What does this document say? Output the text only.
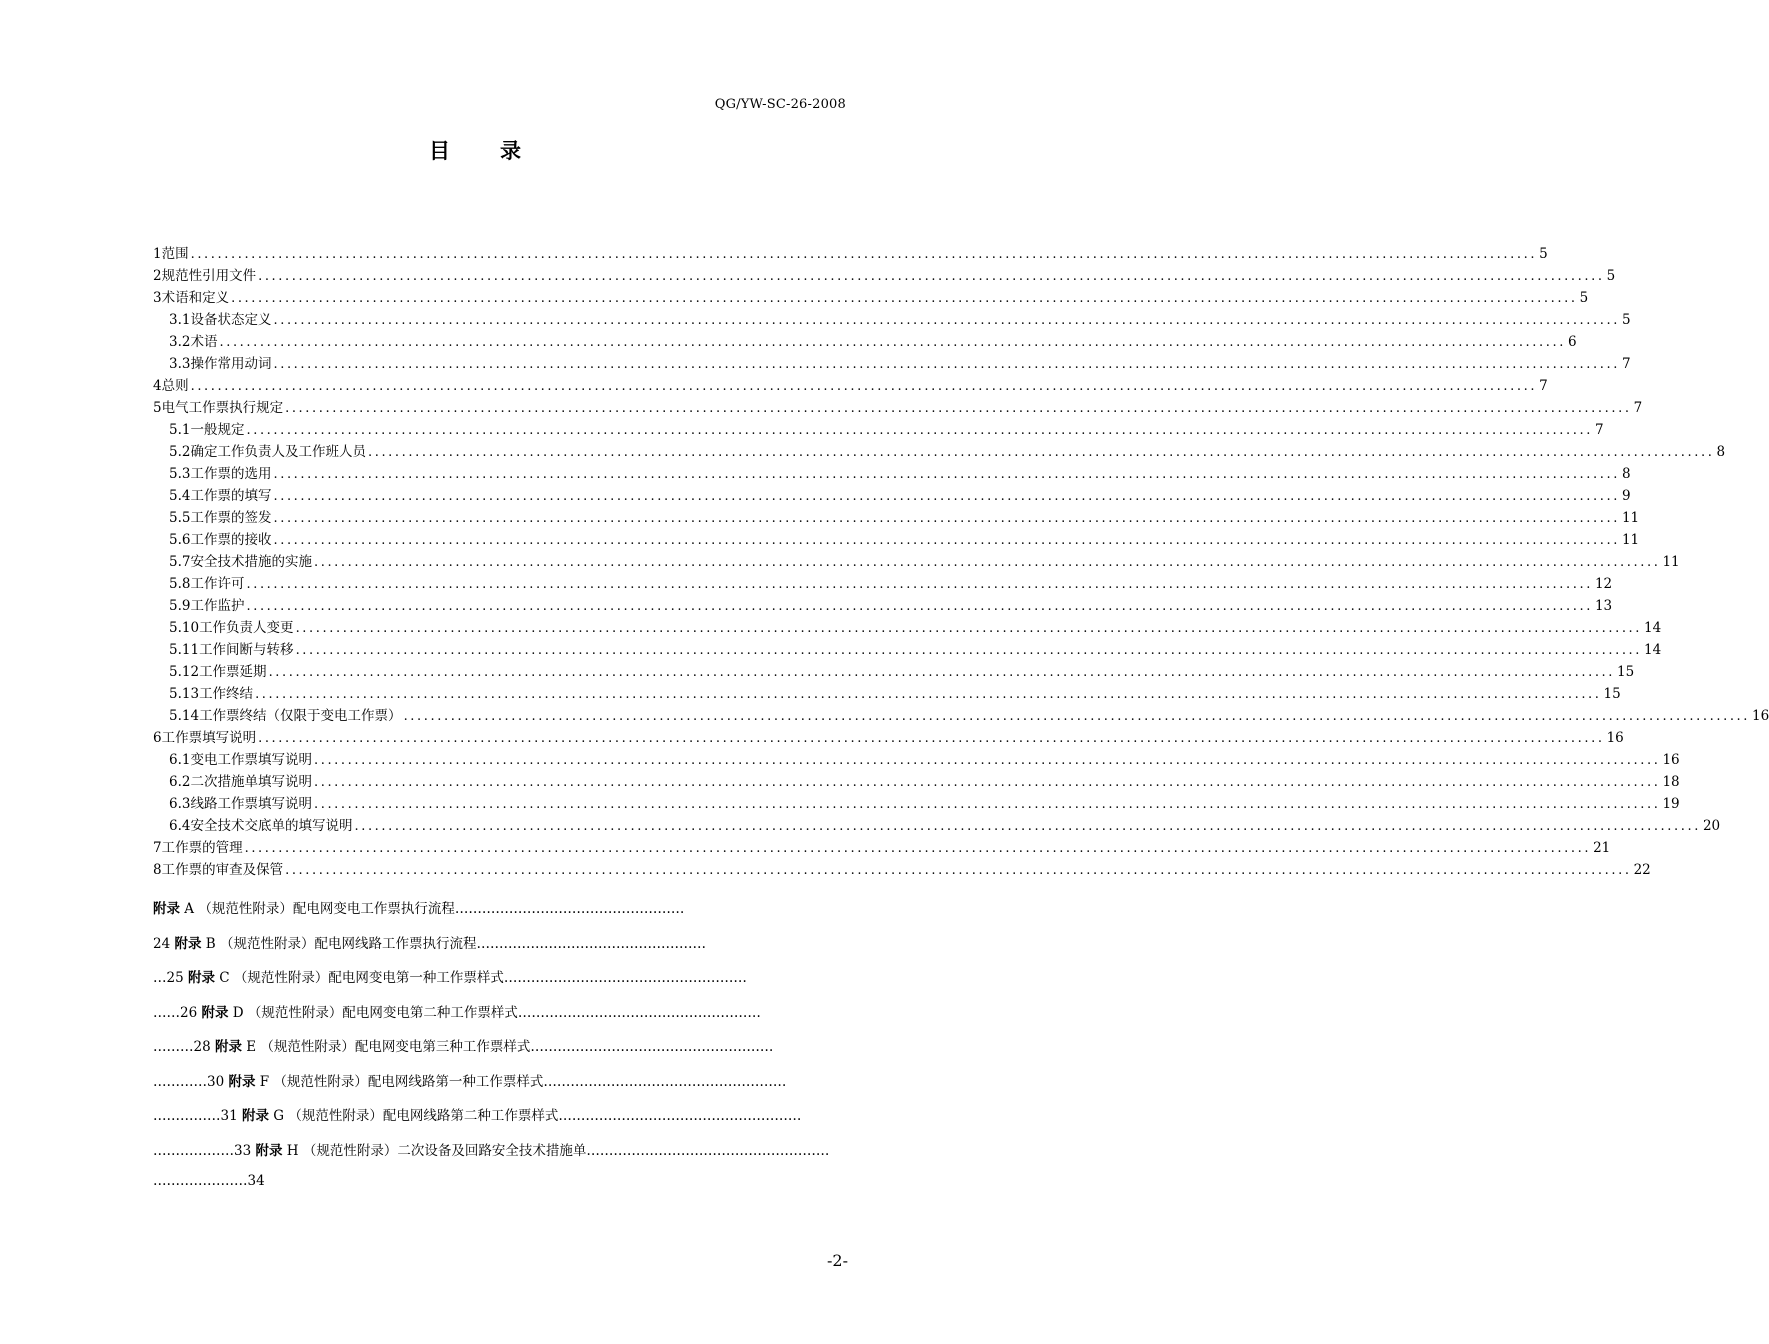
QG/YW-SC-26-2008
目 录
1 范围 ........................................................................................................................................................................................................ 5
2 规范性引用文件 ........................................................................................................................................................................................................ 5
3 术语和定义 ........................................................................................................................................................................................................ 5
3.1 设备状态定义 ........................................................................................................................................................................................................ 5
3.2 术语 ........................................................................................................................................................................................................ 6
3.3 操作常用动词 ........................................................................................................................................................................................................ 7
4 总则 ........................................................................................................................................................................................................ 7
5 电气工作票执行规定 ........................................................................................................................................................................................................ 7
5.1 一般规定 ........................................................................................................................................................................................................ 7
5.2 确定工作负责人及工作班人员 ........................................................................................................................................................................................................ 8
5.3 工作票的选用 ........................................................................................................................................................................................................ 8
5.4 工作票的填写 ........................................................................................................................................................................................................ 9
5.5 工作票的签发 ........................................................................................................................................................................................................ 11
5.6 工作票的接收 ........................................................................................................................................................................................................ 11
5.7 安全技术措施的实施 ........................................................................................................................................................................................................ 11
5.8 工作许可 ........................................................................................................................................................................................................ 12
5.9 工作监护 ........................................................................................................................................................................................................ 13
5.10 工作负责人变更 ........................................................................................................................................................................................................ 14
5.11 工作间断与转移 ........................................................................................................................................................................................................ 14
5.12 工作票延期 ........................................................................................................................................................................................................ 15
5.13 工作终结 ........................................................................................................................................................................................................ 15
5.14 工作票终结（仅限于变电工作票） ........................................................................................................................................................................................................ 16
6 工作票填写说明 ........................................................................................................................................................................................................ 16
6.1 变电工作票填写说明 ........................................................................................................................................................................................................ 16
6.2 二次措施单填写说明 ........................................................................................................................................................................................................ 18
6.3 线路工作票填写说明 ........................................................................................................................................................................................................ 19
6.4 安全技术交底单的填写说明 ........................................................................................................................................................................................................ 20
7 工作票的管理 ........................................................................................................................................................................................................ 21
8 工作票的审查及保管 ........................................................................................................................................................................................................ 22
附录 A （规范性附录）配电网变电工作票执行流程……………………………………………
24 附录 B （规范性附录）配电网线路工作票执行流程……………………………………………
…25 附录 C （规范性附录）配电网变电第一种工作票样式………………………………………………
……26 附录 D （规范性附录）配电网变电第二种工作票样式………………………………………………
………28 附录 E （规范性附录）配电网变电第三种工作票样式………………………………………………
…………30 附录 F （规范性附录）配电网线路第一种工作票样式………………………………………………
……………31 附录 G （规范性附录）配电网线路第二种工作票样式………………………………………………
………………33 附录 H （规范性附录）二次设备及回路安全技术措施单………………………………………………
…………………34
-2-
